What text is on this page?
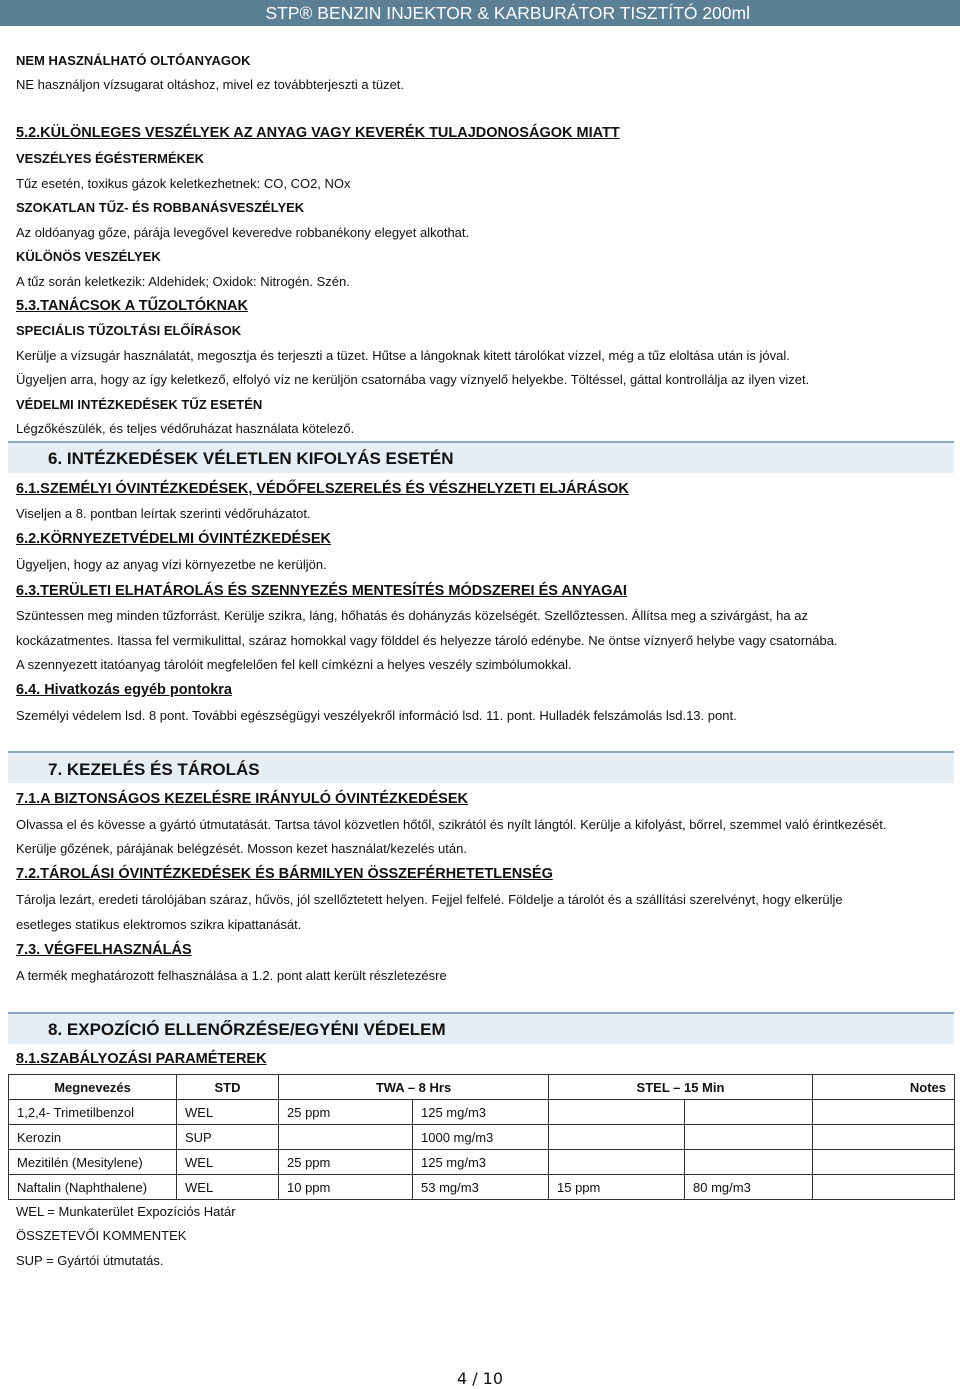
STP® BENZIN INJEKTOR & KARBURÁTOR TISZTÍTÓ 200ml
NEM HASZNÁLHATÓ OLTÓANYAGOK
NE használjon vízsugarat oltáshoz, mivel ez továbbterjeszti a tüzet.
5.2.KÜLÖNLEGES VESZÉLYEK AZ ANYAG VAGY KEVERÉK TULAJDONOSÁGOK MIATT
VESZÉLYES ÉGÉSTERMÉKEK
Tűz esetén, toxikus gázok keletkezhetnek: CO, CO2, NOx
SZOKATLAN TŰZ- ÉS ROBBANÁSVESZÉLYEK
Az oldóanyag gőze, párája levegővel keveredve robbanékony elegyet alkothat.
KÜLÖNÖS VESZÉLYEK
A tűz során keletkezik: Aldehidek; Oxidok: Nitrogén. Szén.
5.3.TANÁCSOK A TŰZOLTÓKNAK
SPECIÁLIS TŰZOLTÁSI ELŐÍRÁSOK
Kerülje a vízsugár használatát, megosztja és terjeszti a tüzet. Hűtse a lángoknak kitett tárolókat vízzel, még a tűz eloltása után is jóval.
Ügyeljen arra, hogy az így keletkező, elfolyó víz ne kerüljön csatornába vagy víznyelő helyekbe. Töltéssel, gáttal kontrollálja az ilyen vizet.
VÉDELMI INTÉZKEDÉSEK TŰZ ESETÉN
Légzőkészülék, és teljes védőruházat használata kötelező.
6. INTÉZKEDÉSEK VÉLETLEN KIFOLYÁS ESETÉN
6.1.SZEMÉLYI ÓVINTÉZKEDÉSEK, VÉDŐFELSZERELÉS ÉS VÉSZHELYZETI ELJÁRÁSOK
Viseljen a 8. pontban leírtak szerinti védőruházatot.
6.2.KÖRNYEZETVÉDELMI ÓVINTÉZKEDÉSEK
Ügyeljen, hogy az anyag vízi környezetbe ne kerüljön.
6.3.TERÜLETI ELHATÁROLÁS ÉS SZENNYEZÉS MENTESÍTÉS MÓDSZEREI ÉS ANYAGAI
Szüntessen meg minden tűzforrást. Kerülje szikra, láng, hőhatás és dohányzás közelségét. Szellőztessen. Állítsa meg a szivárgást, ha az
kockázatmentes. Itassa fel vermikulittal, száraz homokkal vagy földdel és helyezze tároló edénybe. Ne öntse víznyerő helybe vagy csatornába.
A szennyezett itatóanyag tárolóit megfelelően fel kell címkézni a helyes veszély szimbólumokkal.
6.4. Hivatkozás egyéb pontokra
Személyi védelem lsd. 8 pont. További egészségügyi veszélyekről információ lsd. 11. pont. Hulladék felszámolás lsd.13. pont.
7. KEZELÉS ÉS TÁROLÁS
7.1.A BIZTONSÁGOS KEZELÉSRE IRÁNYULÓ ÓVINTÉZKEDÉSEK
Olvassa el és kövesse a gyártó útmutatását. Tartsa távol közvetlen hőtől, szikrától és nyílt lángtól. Kerülje a kifolyást, bőrrel, szemmel való érintkezését.
Kerülje gőzének, párájának belégzését. Mosson kezet használat/kezelés után.
7.2.TÁROLÁSI ÓVINTÉZKEDÉSEK ÉS BÁRMILYEN ÖSSZEFÉRHETETLENSÉG
Tárolja lezárt, eredeti tárolójában száraz, hűvös, jól szellőztetett helyen. Fejjel felfelé. Földelje a tárolót és a szállítási szerelvényt, hogy elkerülje
esetleges statikus elektromos szikra kipattanását.
7.3. VÉGFELHASZNÁLÁS
A termék meghatározott felhasználása a 1.2. pont alatt került részletezésre
8. EXPOZÍCIÓ ELLENŐRZÉSE/EGYÉNI VÉDELEM
8.1.SZABÁLYOZÁSI PARAMÉTEREK
Megnevezés	STD	TWA – 8 Hrs		STEL – 15 Min		Notes
1,2,4- Trimetilbenzol	WEL	25 ppm	125 mg/m3			
Kerozin	SUP		1000 mg/m3			
Mezitilén (Mesitylene)	WEL	25 ppm	125 mg/m3			
Naftalin (Naphthalene)	WEL	10 ppm	53 mg/m3	15 ppm	80 mg/m3	
WEL = Munkaterület Expozíciós Határ
ÖSSZETEVŐI KOMMENTEK
SUP = Gyártói útmutatás.
4 / 10
